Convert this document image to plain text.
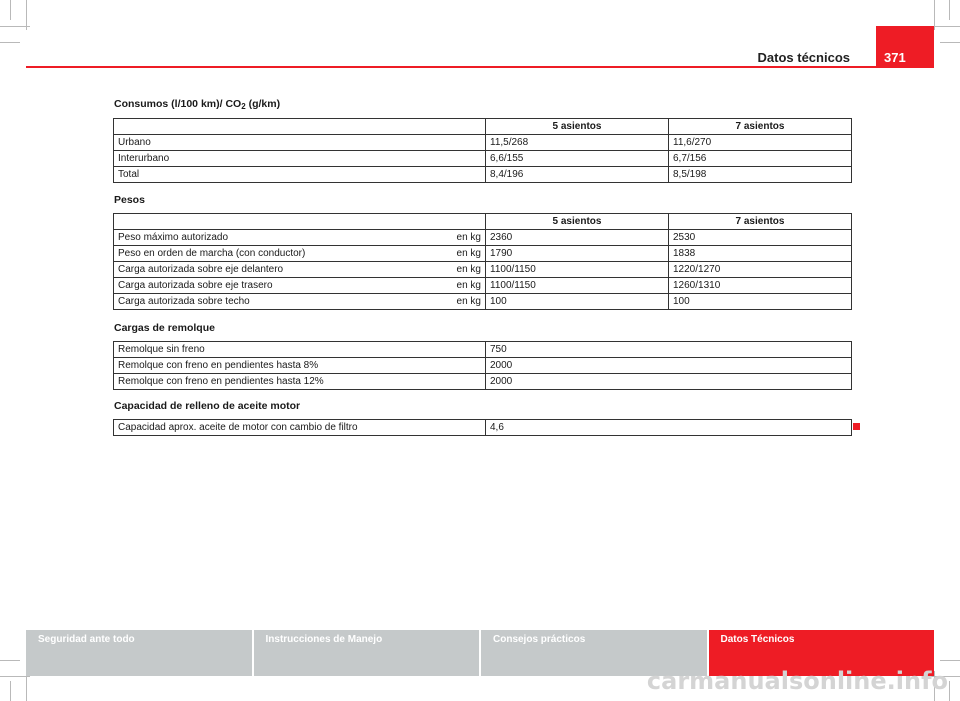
Datos técnicos	371
Consumos (l/100 km)/ $CO_2$ (g/km)
	5 asientos	7 asientos
Urbano	11,5/268	11,6/270
Interurbano	6,6/155	6,7/156
Total	8,4/196	8,5/198
Pesos
	5 asientos	7 asientos
Peso máximo autorizado en kg	2360	2530
Peso en orden de marcha (con conductor) en kg	1790	1838
Carga autorizada sobre eje delantero en kg	1100/1150	1220/1270
Carga autorizada sobre eje trasero en kg	1100/1150	1260/1310
Carga autorizada sobre techo en kg	100	100
Cargas de remolque
Remolque sin freno	750
Remolque con freno en pendientes hasta 8%	2000
Remolque con freno en pendientes hasta 12%	2000
Capacidad de relleno de aceite motor
Capacidad aprox. aceite de motor con cambio de filtro	4,6
Seguridad ante todo	Instrucciones de Manejo	Consejos prácticos	Datos Técnicos
carmanualsonline.info
